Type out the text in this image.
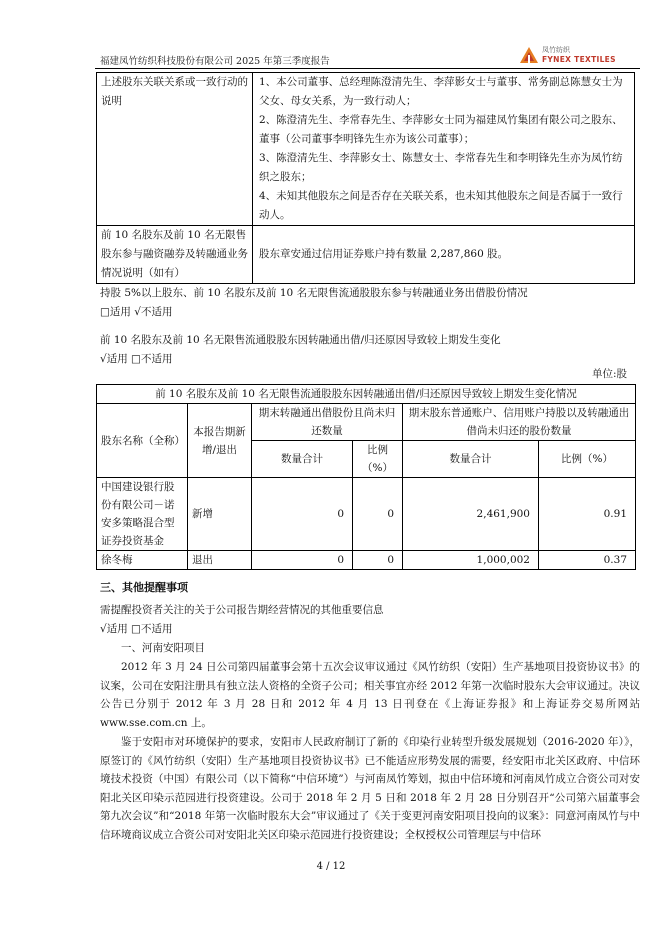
福建凤竹纺织科技股份有限公司 2025 年第三季度报告
凤竹纺织
FYNEX TEXTILES
上述股东关联关系或一致行动的说明	1、本公司董事、总经理陈澄清先生、李萍影女士与董事、常务副总陈慧女士为父女、母女关系，为一致行动人；
2、陈澄清先生、李常春先生、李萍影女士同为福建凤竹集团有限公司之股东、董事（公司董事李明锋先生亦为该公司董事）；
3、陈澄清先生、李萍影女士、陈慧女士、李常春先生和李明锋先生亦为凤竹纺织之股东；
4、未知其他股东之间是否存在关联关系，也未知其他股东之间是否属于一致行动人。

前 10 名股东及前 10 名无限售股东参与融资融券及转融通业务情况说明（如有）	股东章安通过信用证券账户持有数量 2,287,860 股。
持股 5%以上股东、前 10 名股东及前 10 名无限售流通股股东参与转融通业务出借股份情况
□适用 √不适用
前 10 名股东及前 10 名无限售流通股股东因转融通出借/归还原因导致较上期发生变化
√适用 □不适用
单位:股
前 10 名股东及前 10 名无限售流通股股东因转融通出借/归还原因导致较上期发生变化情况					
股东名称（全称）	本报告期新增/退出	期末转融通出借股份且尚未归还数量		期末股东普通账户、信用账户持股以及转融通出借尚未归还的股份数量	
		数量合计	比例（%）	数量合计	比例（%）
中国建设银行股份有限公司－诺安多策略混合型证券投资基金	新增	0	0	2,461,900	0.91
徐冬梅	退出	0	0	1,000,002	0.37
三、其他提醒事项
需提醒投资者关注的关于公司报告期经营情况的其他重要信息
√适用 □不适用
一、河南安阳项目
2012 年 3 月 24 日公司第四届董事会第十五次会议审议通过《风竹纺织（安阳）生产基地项目投资协议书》的议案，公司在安阳注册具有独立法人资格的全资子公司；相关事宜亦经 2012 年第一次临时股东大会审议通过。决议公告已分别于 2012 年 3 月 28 日和 2012 年 4 月 13 日刊登在《上海证券报》和上海证券交易所网站 www.sse.com.cn 上。
鉴于安阳市对环境保护的要求，安阳市人民政府制订了新的《印染行业转型升级发展规划（2016-2020 年）》，原签订的《风竹纺织（安阳）生产基地项目投资协议书》已不能适应形势发展的需要，经安阳市北关区政府、中信环境技术投资（中国）有限公司（以下简称“中信环境”）与河南凤竹筹划，拟由中信环境和河南凤竹成立合资公司对安阳北关区印染示范园进行投资建设。公司于 2018 年 2 月 5 日和 2018 年 2 月 28 日分别召开“公司第六届董事会第九次会议”和“2018 年第一次临时股东大会”审议通过了《关于变更河南安阳项目投向的议案》：同意河南凤竹与中信环境商议成立合资公司对安阳北关区印染示范园进行投资建设；全权授权公司管理层与中信环
4 / 12
